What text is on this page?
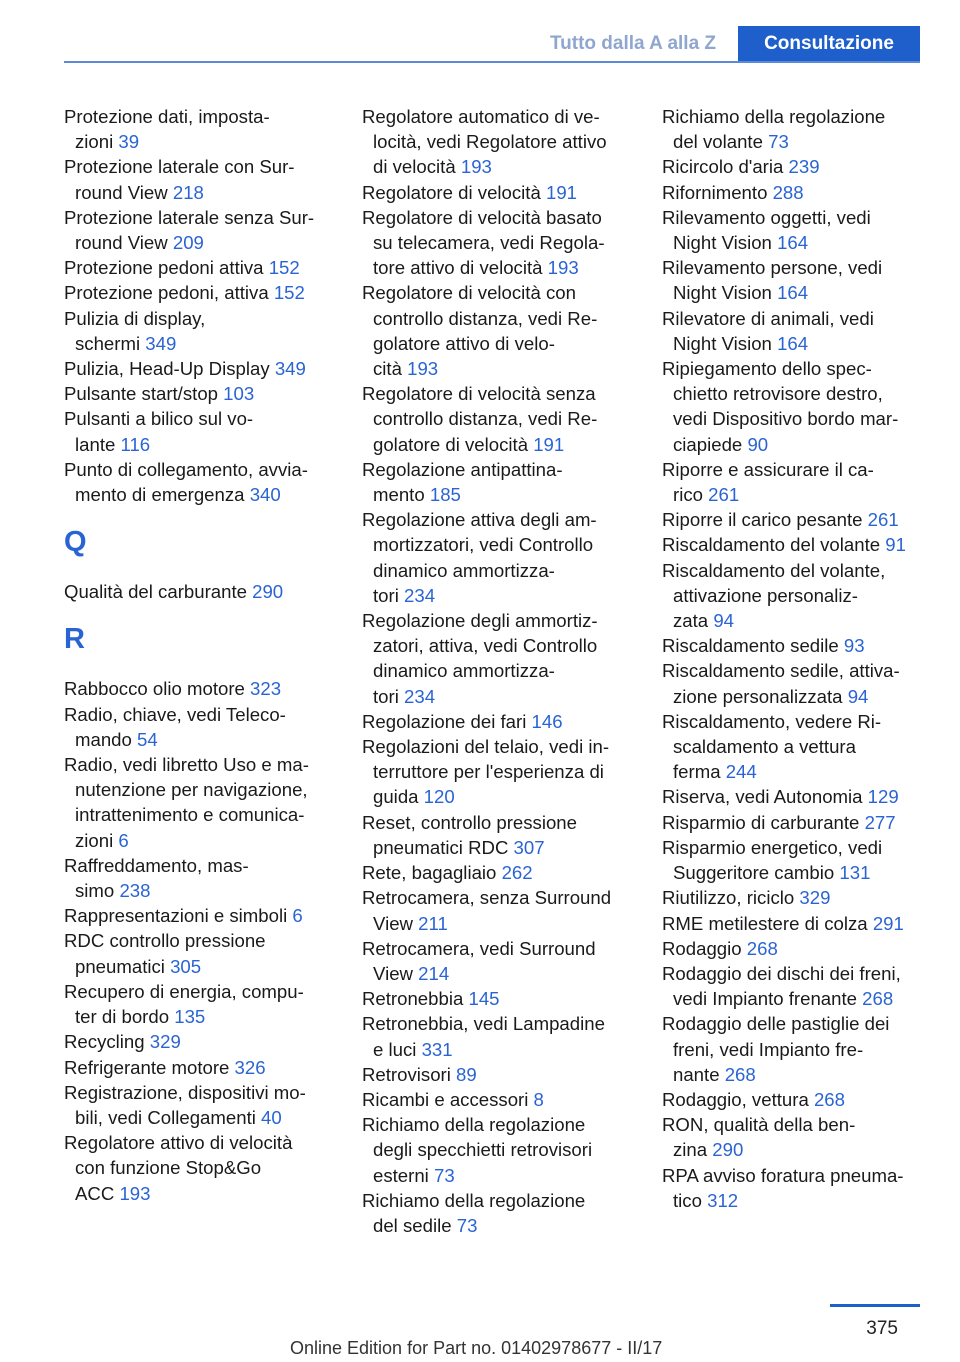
Tutto dalla A alla Z	Consultazione
Protezione dati, imposta-
zioni 39
Protezione laterale con Sur-
round View 218
Protezione laterale senza Sur-
round View 209
Protezione pedoni attiva 152
Protezione pedoni, attiva 152
Pulizia di display,
schermi 349
Pulizia, Head-Up Display 349
Pulsante start/stop 103
Pulsanti a bilico sul vo-
lante 116
Punto di collegamento, avvia-
mento di emergenza 340
Q
Qualità del carburante 290
R
Rabbocco olio motore 323
Radio, chiave, vedi Teleco-
mando 54
Radio, vedi libretto Uso e ma-
nutenzione per navigazione,
intrattenimento e comunica-
zioni 6
Raffreddamento, mas-
simo 238
Rappresentazioni e simboli 6
RDC controllo pressione
pneumatici 305
Recupero di energia, compu-
ter di bordo 135
Recycling 329
Refrigerante motore 326
Registrazione, dispositivi mo-
bili, vedi Collegamenti 40
Regolatore attivo di velocità
con funzione Stop&Go
ACC 193
Regolatore automatico di ve-
locità, vedi Regolatore attivo
di velocità 193
Regolatore di velocità 191
Regolatore di velocità basato
su telecamera, vedi Regola-
tore attivo di velocità 193
Regolatore di velocità con
controllo distanza, vedi Re-
golatore attivo di velo-
cità 193
Regolatore di velocità senza
controllo distanza, vedi Re-
golatore di velocità 191
Regolazione antipattina-
mento 185
Regolazione attiva degli am-
mortizzatori, vedi Controllo
dinamico ammortizza-
tori 234
Regolazione degli ammortiz-
zatori, attiva, vedi Controllo
dinamico ammortizza-
tori 234
Regolazione dei fari 146
Regolazioni del telaio, vedi in-
terruttore per l'esperienza di
guida 120
Reset, controllo pressione
pneumatici RDC 307
Rete, bagagliaio 262
Retrocamera, senza Surround
View 211
Retrocamera, vedi Surround
View 214
Retronebbia 145
Retronebbia, vedi Lampadine
e luci 331
Retrovisori 89
Ricambi e accessori 8
Richiamo della regolazione
degli specchietti retrovisori
esterni 73
Richiamo della regolazione
del sedile 73
Richiamo della regolazione
del volante 73
Ricircolo d'aria 239
Rifornimento 288
Rilevamento oggetti, vedi
Night Vision 164
Rilevamento persone, vedi
Night Vision 164
Rilevatore di animali, vedi
Night Vision 164
Ripiegamento dello spec-
chietto retrovisore destro,
vedi Dispositivo bordo mar-
ciapiede 90
Riporre e assicurare il ca-
rico 261
Riporre il carico pesante 261
Riscaldamento del volante 91
Riscaldamento del volante,
attivazione personaliz-
zata 94
Riscaldamento sedile 93
Riscaldamento sedile, attiva-
zione personalizzata 94
Riscaldamento, vedere Ri-
scaldamento a vettura
ferma 244
Riserva, vedi Autonomia 129
Risparmio di carburante 277
Risparmio energetico, vedi
Suggeritore cambio 131
Riutilizzo, riciclo 329
RME metilestere di colza 291
Rodaggio 268
Rodaggio dei dischi dei freni,
vedi Impianto frenante 268
Rodaggio delle pastiglie dei
freni, vedi Impianto fre-
nante 268
Rodaggio, vettura 268
RON, qualità della ben-
zina 290
RPA avviso foratura pneuma-
tico 312
375
Online Edition for Part no. 01402978677 - II/17
